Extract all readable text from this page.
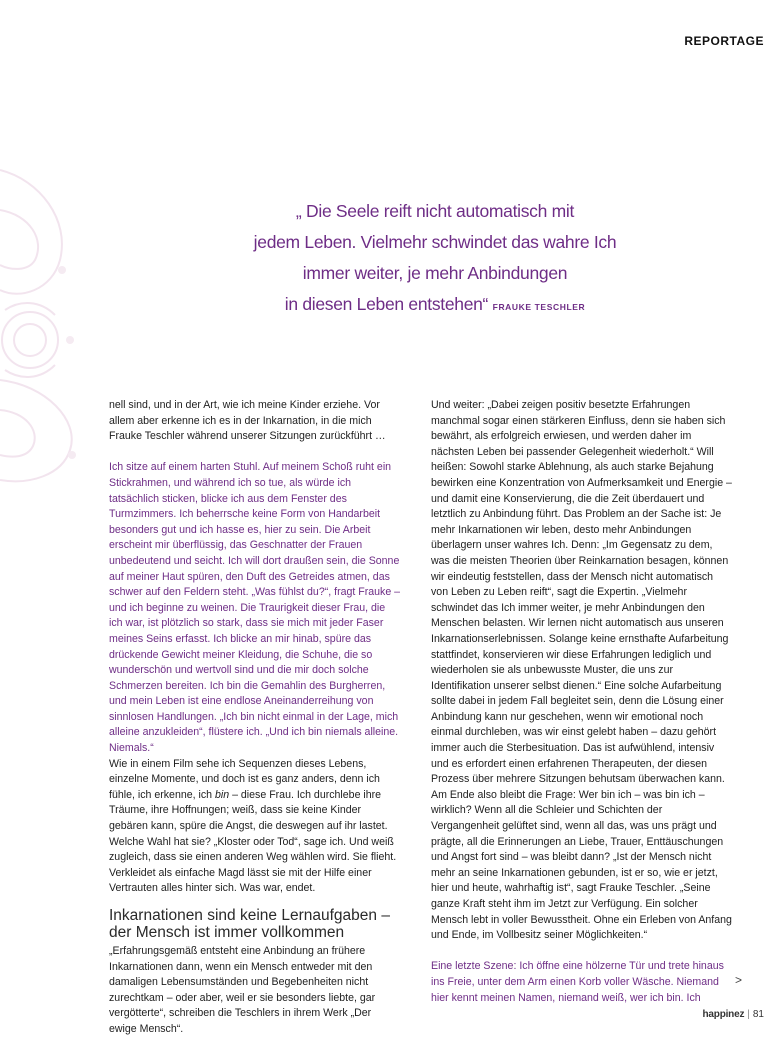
REPORTAGE
„ Die Seele reift nicht automatisch mit
jedem Leben. Vielmehr schwindet das wahre Ich
immer weiter, je mehr Anbindungen
in diesen Leben entstehen“ FRAUKE TESCHLER

nell sind, und in der Art, wie ich meine Kinder erziehe. Vor allem aber erkenne ich es in der Inkarnation, in die mich Frauke Teschler während unserer Sitzungen zurückführt …

Ich sitze auf einem harten Stuhl. Auf meinem Schoß ruht ein Stickrahmen, und während ich so tue, als würde ich tatsächlich sticken, blicke ich aus dem Fenster des Turmzimmers. Ich beherrsche keine Form von Handarbeit besonders gut und ich hasse es, hier zu sein. Die Arbeit erscheint mir überflüssig, das Geschnatter der Frauen unbedeutend und seicht. Ich will dort draußen sein, die Sonne auf meiner Haut spüren, den Duft des Getreides atmen, das schwer auf den Feldern steht. „Was fühlst du?“, fragt Frauke – und ich beginne zu weinen. Die Traurigkeit dieser Frau, die ich war, ist plötzlich so stark, dass sie mich mit jeder Faser meines Seins erfasst. Ich blicke an mir hinab, spüre das drückende Gewicht meiner Kleidung, die Schuhe, die so wunderschön und wertvoll sind und die mir doch solche Schmerzen bereiten. Ich bin die Gemahlin des Burgherren, und mein Leben ist eine endlose Aneinanderreihung von sinnlosen Handlungen. „Ich bin nicht einmal in der Lage, mich alleine anzukleiden“, flüstere ich. „Und ich bin niemals alleine. Niemals.“

Wie in einem Film sehe ich Sequenzen dieses Lebens, einzelne Momente, und doch ist es ganz anders, denn ich fühle, ich erkenne, ich bin – diese Frau. Ich durchlebe ihre Träume, ihre Hoffnungen; weiß, dass sie keine Kinder gebären kann, spüre die Angst, die deswegen auf ihr lastet. Welche Wahl hat sie? „Kloster oder Tod“, sage ich. Und weiß zugleich, dass sie einen anderen Weg wählen wird. Sie flieht. Verkleidet als einfache Magd lässt sie mit der Hilfe einer Vertrauten alles hinter sich. Was war, endet.

Inkarnationen sind keine Lernaufgaben – der Mensch ist immer vollkommen

„Erfahrungsgemäß entsteht eine Anbindung an frühere Inkarnationen dann, wenn ein Mensch entweder mit den damaligen Lebensumständen und Begebenheiten nicht zurechtkam – oder aber, weil er sie besonders liebte, gar vergötterte“, schreiben die Teschlers in ihrem Werk „Der ewige Mensch“.

Und weiter: „Dabei zeigen positiv besetzte Erfahrungen manchmal sogar einen stärkeren Einfluss, denn sie haben sich bewährt, als erfolgreich erwiesen, und werden daher im nächsten Leben bei passender Gelegenheit wiederholt.“ Will heißen: Sowohl starke Ablehnung, als auch starke Bejahung bewirken eine Konzentration von Aufmerksamkeit und Energie – und damit eine Konservierung, die die Zeit überdauert und letztlich zu Anbindung führt. Das Problem an der Sache ist: Je mehr Inkarnationen wir leben, desto mehr Anbindungen überlagern unser wahres Ich. Denn: „Im Gegensatz zu dem, was die meisten Theorien über Reinkarnation besagen, können wir eindeutig feststellen, dass der Mensch nicht automatisch von Leben zu Leben reift“, sagt die Expertin. „Vielmehr schwindet das Ich immer weiter, je mehr Anbindungen den Menschen belasten. Wir lernen nicht automatisch aus unseren Inkarnationserlebnissen. Solange keine ernsthafte Aufarbeitung stattfindet, konservieren wir diese Erfahrungen lediglich und wiederholen sie als unbewusste Muster, die uns zur Identifikation unserer selbst dienen.“ Eine solche Aufarbeitung sollte dabei in jedem Fall begleitet sein, denn die Lösung einer Anbindung kann nur geschehen, wenn wir emotional noch einmal durchleben, was wir einst gelebt haben – dazu gehört immer auch die Sterbesituation. Das ist aufwühlend, intensiv und es erfordert einen erfahrenen Therapeuten, der diesen Prozess über mehrere Sitzungen behutsam überwachen kann. Am Ende also bleibt die Frage: Wer bin ich – was bin ich – wirklich? Wenn all die Schleier und Schichten der Vergangenheit gelüftet sind, wenn all das, was uns prägt und prägte, all die Erinnerungen an Liebe, Trauer, Enttäuschungen und Angst fort sind – was bleibt dann? „Ist der Mensch nicht mehr an seine Inkarnationen gebunden, ist er so, wie er jetzt, hier und heute, wahrhaftig ist“, sagt Frauke Teschler. „Seine ganze Kraft steht ihm im Jetzt zur Verfügung. Ein solcher Mensch lebt in voller Bewusstheit. Ohne ein Erleben von Anfang und Ende, im Vollbesitz seiner Möglichkeiten.“

Eine letzte Szene: Ich öffne eine hölzerne Tür und trete hinaus ins Freie, unter dem Arm einen Korb voller Wäsche. Niemand hier kennt meinen Namen, niemand weiß, wer ich bin. Ich

>
happinez | 81
